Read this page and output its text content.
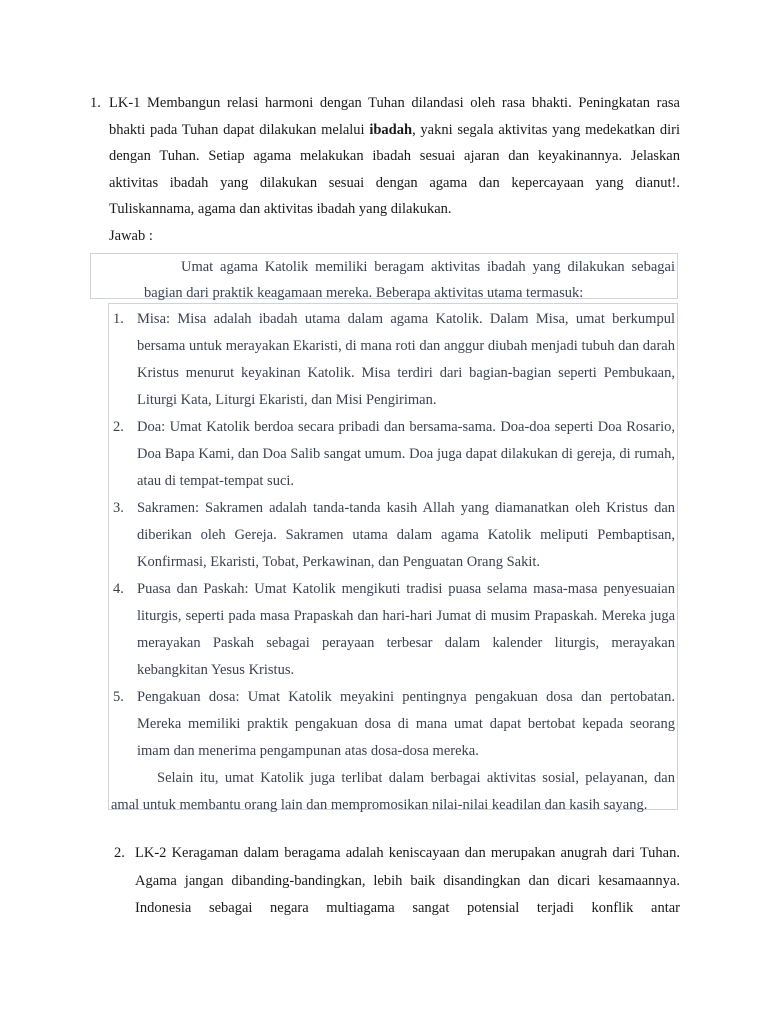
1. LK-1 Membangun relasi harmoni dengan Tuhan dilandasi oleh rasa bhakti. Peningkatan rasa bhakti pada Tuhan dapat dilakukan melalui ibadah, yakni segala aktivitas yang medekatkan diri dengan Tuhan. Setiap agama melakukan ibadah sesuai ajaran dan keyakinannya. Jelaskan aktivitas ibadah yang dilakukan sesuai dengan agama dan kepercayaan yang dianut!. Tuliskannama, agama dan aktivitas ibadah yang dilakukan.
Jawab :
Umat agama Katolik memiliki beragam aktivitas ibadah yang dilakukan sebagai
bagian dari praktik keagamaan mereka. Beberapa aktivitas utama termasuk:
1. Misa: Misa adalah ibadah utama dalam agama Katolik. Dalam Misa, umat berkumpul bersama untuk merayakan Ekaristi, di mana roti dan anggur diubah menjadi tubuh dan darah Kristus menurut keyakinan Katolik. Misa terdiri dari bagian-bagian seperti Pembukaan, Liturgi Kata, Liturgi Ekaristi, dan Misi Pengiriman.
2. Doa: Umat Katolik berdoa secara pribadi dan bersama-sama. Doa-doa seperti Doa Rosario, Doa Bapa Kami, dan Doa Salib sangat umum. Doa juga dapat dilakukan di gereja, di rumah, atau di tempat-tempat suci.
3. Sakramen: Sakramen adalah tanda-tanda kasih Allah yang diamanatkan oleh Kristus dan diberikan oleh Gereja. Sakramen utama dalam agama Katolik meliputi Pembaptisan, Konfirmasi, Ekaristi, Tobat, Perkawinan, dan Penguatan Orang Sakit.
4. Puasa dan Paskah: Umat Katolik mengikuti tradisi puasa selama masa-masa penyesuaian liturgis, seperti pada masa Prapaskah dan hari-hari Jumat di musim Prapaskah. Mereka juga merayakan Paskah sebagai perayaan terbesar dalam kalender liturgis, merayakan kebangkitan Yesus Kristus.
5. Pengakuan dosa: Umat Katolik meyakini pentingnya pengakuan dosa dan pertobatan. Mereka memiliki praktik pengakuan dosa di mana umat dapat bertobat kepada seorang imam dan menerima pengampunan atas dosa-dosa mereka.
Selain itu, umat Katolik juga terlibat dalam berbagai aktivitas sosial, pelayanan, dan amal untuk membantu orang lain dan mempromosikan nilai-nilai keadilan dan kasih sayang.
2. LK-2 Keragaman dalam beragama adalah keniscayaan dan merupakan anugrah dari Tuhan. Agama jangan dibanding-bandingkan, lebih baik disandingkan dan dicari kesamaannya. Indonesia sebagai negara multiagama sangat potensial terjadi konflik antar
